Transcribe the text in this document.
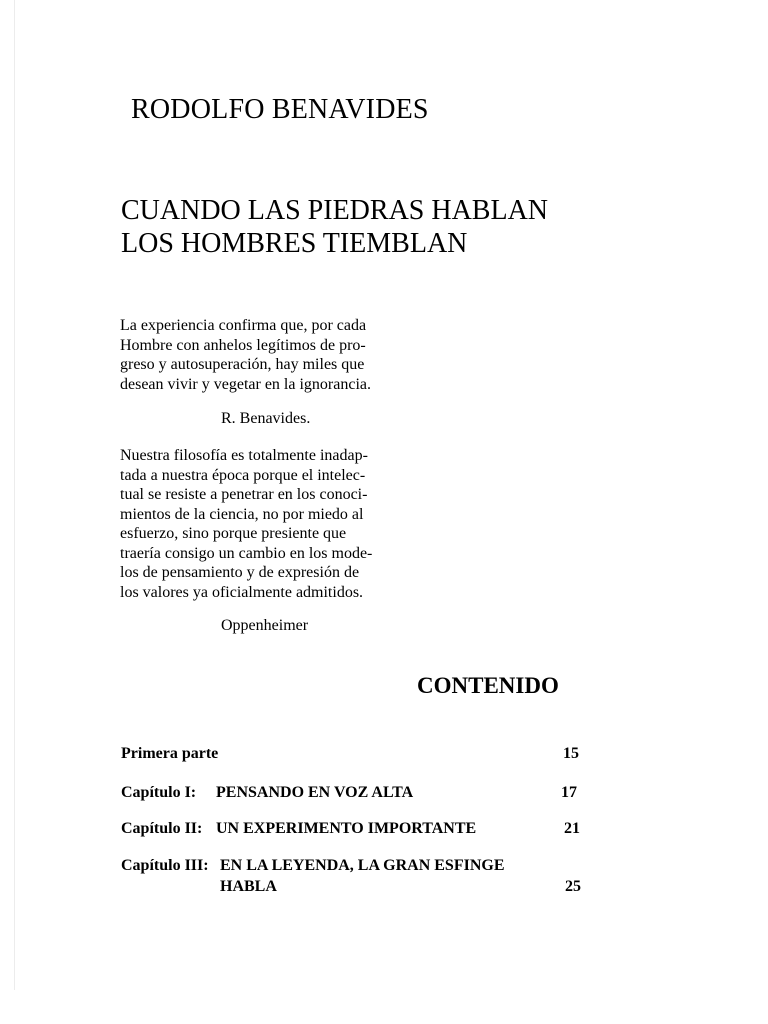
RODOLFO BENAVIDES
CUANDO LAS PIEDRAS HABLAN
LOS HOMBRES TIEMBLAN
La experiencia confirma que, por cada
Hombre con anhelos legítimos de pro-
greso y autosuperación, hay miles que
desean vivir y vegetar en la ignorancia.
R. Benavides.
Nuestra filosofía es totalmente inadap-
tada a nuestra época porque el intelec-
tual se resiste a penetrar en los conoci-
mientos de la ciencia, no por miedo al
esfuerzo, sino porque presiente que
traería consigo un cambio en los mode-
los de pensamiento y de expresión de
los valores ya oficialmente admitidos.
Oppenheimer
CONTENIDO
Primera parte	15
Capítulo I: PENSANDO EN VOZ ALTA	17
Capítulo II: UN EXPERIMENTO IMPORTANTE	21
Capítulo III: EN LA LEYENDA, LA GRAN ESFINGE
HABLA	25
